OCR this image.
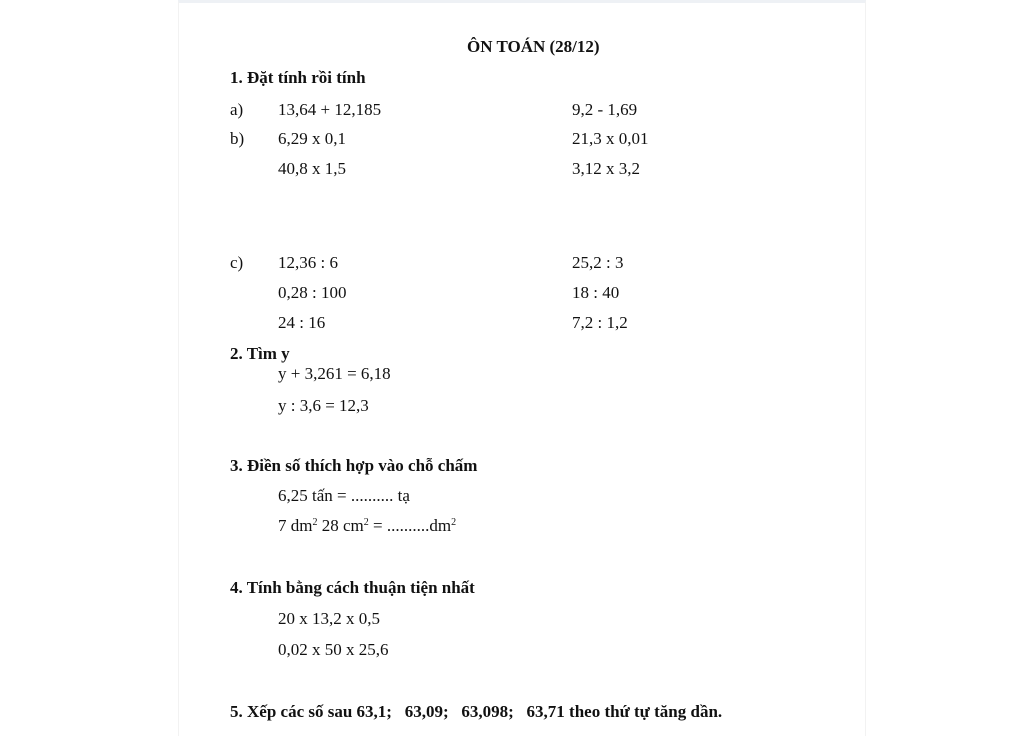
ÔN TOÁN (28/12)
1. Đặt tính rồi tính
a) 13,64 + 12,185	9,2 - 1,69
b) 6,29 x 0,1	21,3 x 0,01
40,8 x 1,5	3,12 x 3,2
c) 12,36 : 6	25,2 : 3
0,28 : 100	18 : 40
24 : 16	7,2 : 1,2
2. Tìm y
y + 3,261 = 6,18
y : 3,6 = 12,3
3. Điền số thích hợp vào chỗ chấm
6,25 tấn = .......... tạ
7 $dm^2$ 28 $cm^2 = ..........dm^2$
4. Tính bằng cách thuận tiện nhất
20 x 13,2 x 0,5
0,02 x 50 x 25,6
5. Xếp các số sau 63,1;   63,09;   63,098;   63,71 theo thứ tự tăng dần.
